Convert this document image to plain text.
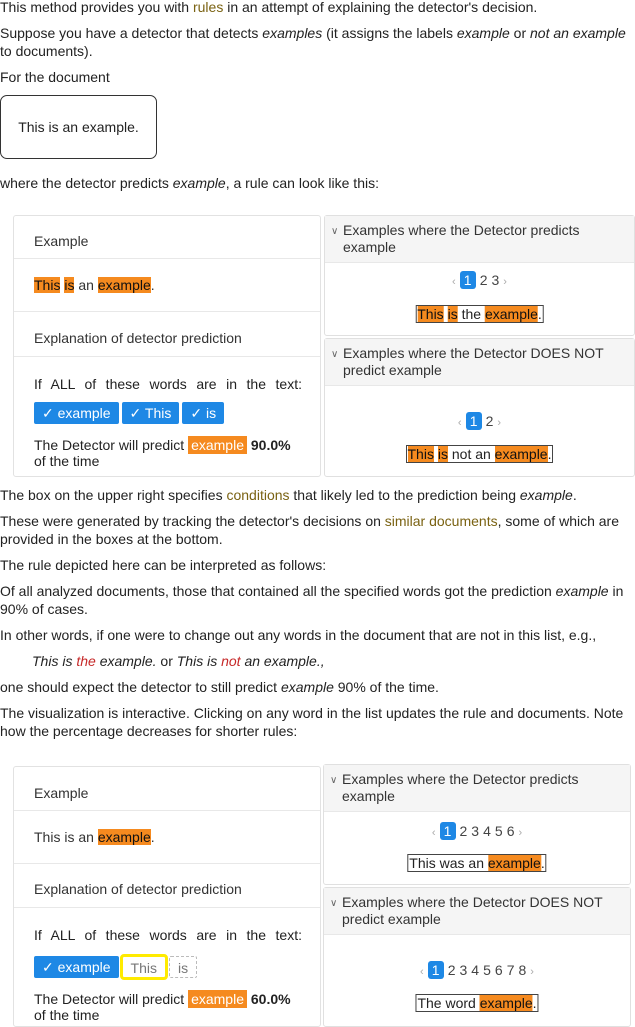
This method provides you with rules in an attempt of explaining the detector's decision.

Suppose you have a detector that detects examples (it assigns the labels example or not an example to documents).

For the document

This is an example.

where the detector predicts example, a rule can look like this:

Example
This is an example.
Explanation of detector prediction
If ALL of these words are in the text:
✓ example ✓ This ✓ is
The Detector will predict example 90.0% of the time
∨ Examples where the Detector predicts example
‹ 1 2 3 ›
This is the example.
∨ Examples where the Detector DOES NOT predict example
‹ 1 2 ›
This is not an example.

The box on the upper right specifies conditions that likely led to the prediction being example.

These were generated by tracking the detector's decisions on similar documents, some of which are provided in the boxes at the bottom.

The rule depicted here can be interpreted as follows:

Of all analyzed documents, those that contained all the specified words got the prediction example in 90% of cases.

In other words, if one were to change out any words in the document that are not in this list, e.g.,

This is the example. or This is not an example.,

one should expect the detector to still predict example 90% of the time.

The visualization is interactive. Clicking on any word in the list updates the rule and documents. Note how the percentage decreases for shorter rules:

Example
This is an example.
Explanation of detector prediction
If ALL of these words are in the text:
✓ example This is
The Detector will predict example 60.0% of the time
∨ Examples where the Detector predicts example
‹ 1 2 3 4 5 6 ›
This was an example.
∨ Examples where the Detector DOES NOT predict example
‹ 1 2 3 4 5 6 7 8 ›
The word example.
